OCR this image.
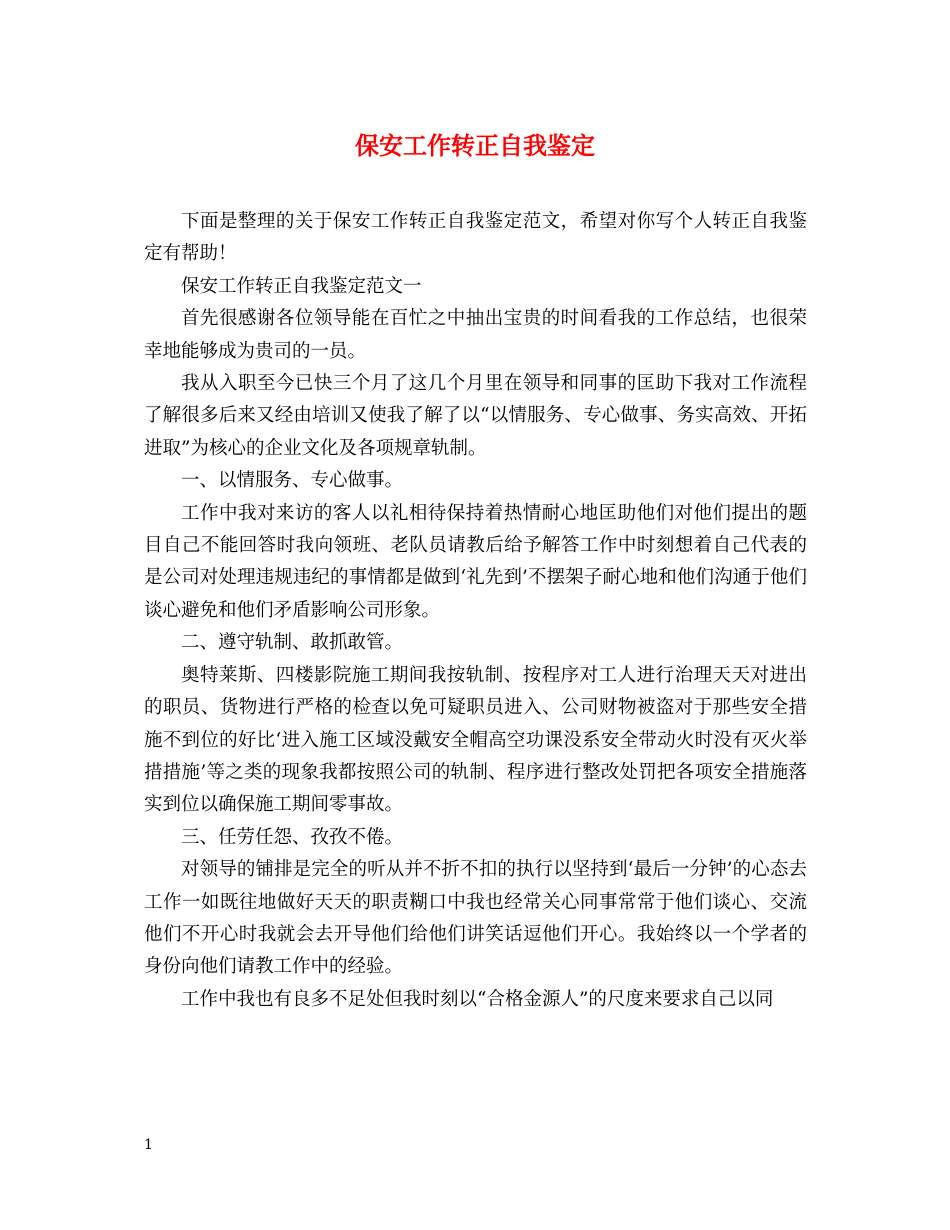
保安工作转正自我鉴定

下面是整理的关于保安工作转正自我鉴定范文，希望对你写个人转正自我鉴定有帮助！

保安工作转正自我鉴定范文一

首先很感谢各位领导能在百忙之中抽出宝贵的时间看我的工作总结，也很荣幸地能够成为贵司的一员。

我从入职至今已快三个月了这几个月里在领导和同事的匡助下我对工作流程了解很多后来又经由培训又使我了解了以“以情服务、专心做事、务实高效、开拓进取”为核心的企业文化及各项规章轨制。

一、以情服务、专心做事。

工作中我对来访的客人以礼相待保持着热情耐心地匡助他们对他们提出的题目自己不能回答时我向领班、老队员请教后给予解答工作中时刻想着自己代表的是公司对处理违规违纪的事情都是做到‘礼先到’不摆架子耐心地和他们沟通于他们谈心避免和他们矛盾影响公司形象。

二、遵守轨制、敢抓敢管。

奥特莱斯、四楼影院施工期间我按轨制、按程序对工人进行治理天天对进出的职员、货物进行严格的检查以免可疑职员进入、公司财物被盗对于那些安全措施不到位的好比‘进入施工区域没戴安全帽高空功课没系安全带动火时没有灭火举措措施’等之类的现象我都按照公司的轨制、程序进行整改处罚把各项安全措施落实到位以确保施工期间零事故。

三、任劳任怨、孜孜不倦。

对领导的铺排是完全的听从并不折不扣的执行以坚持到‘最后一分钟’的心态去工作一如既往地做好天天的职责糊口中我也经常关心同事常常于他们谈心、交流他们不开心时我就会去开导他们给他们讲笑话逗他们开心。我始终以一个学者的身份向他们请教工作中的经验。

工作中我也有良多不足处但我时刻以“合格金源人”的尺度来要求自己以同

1
